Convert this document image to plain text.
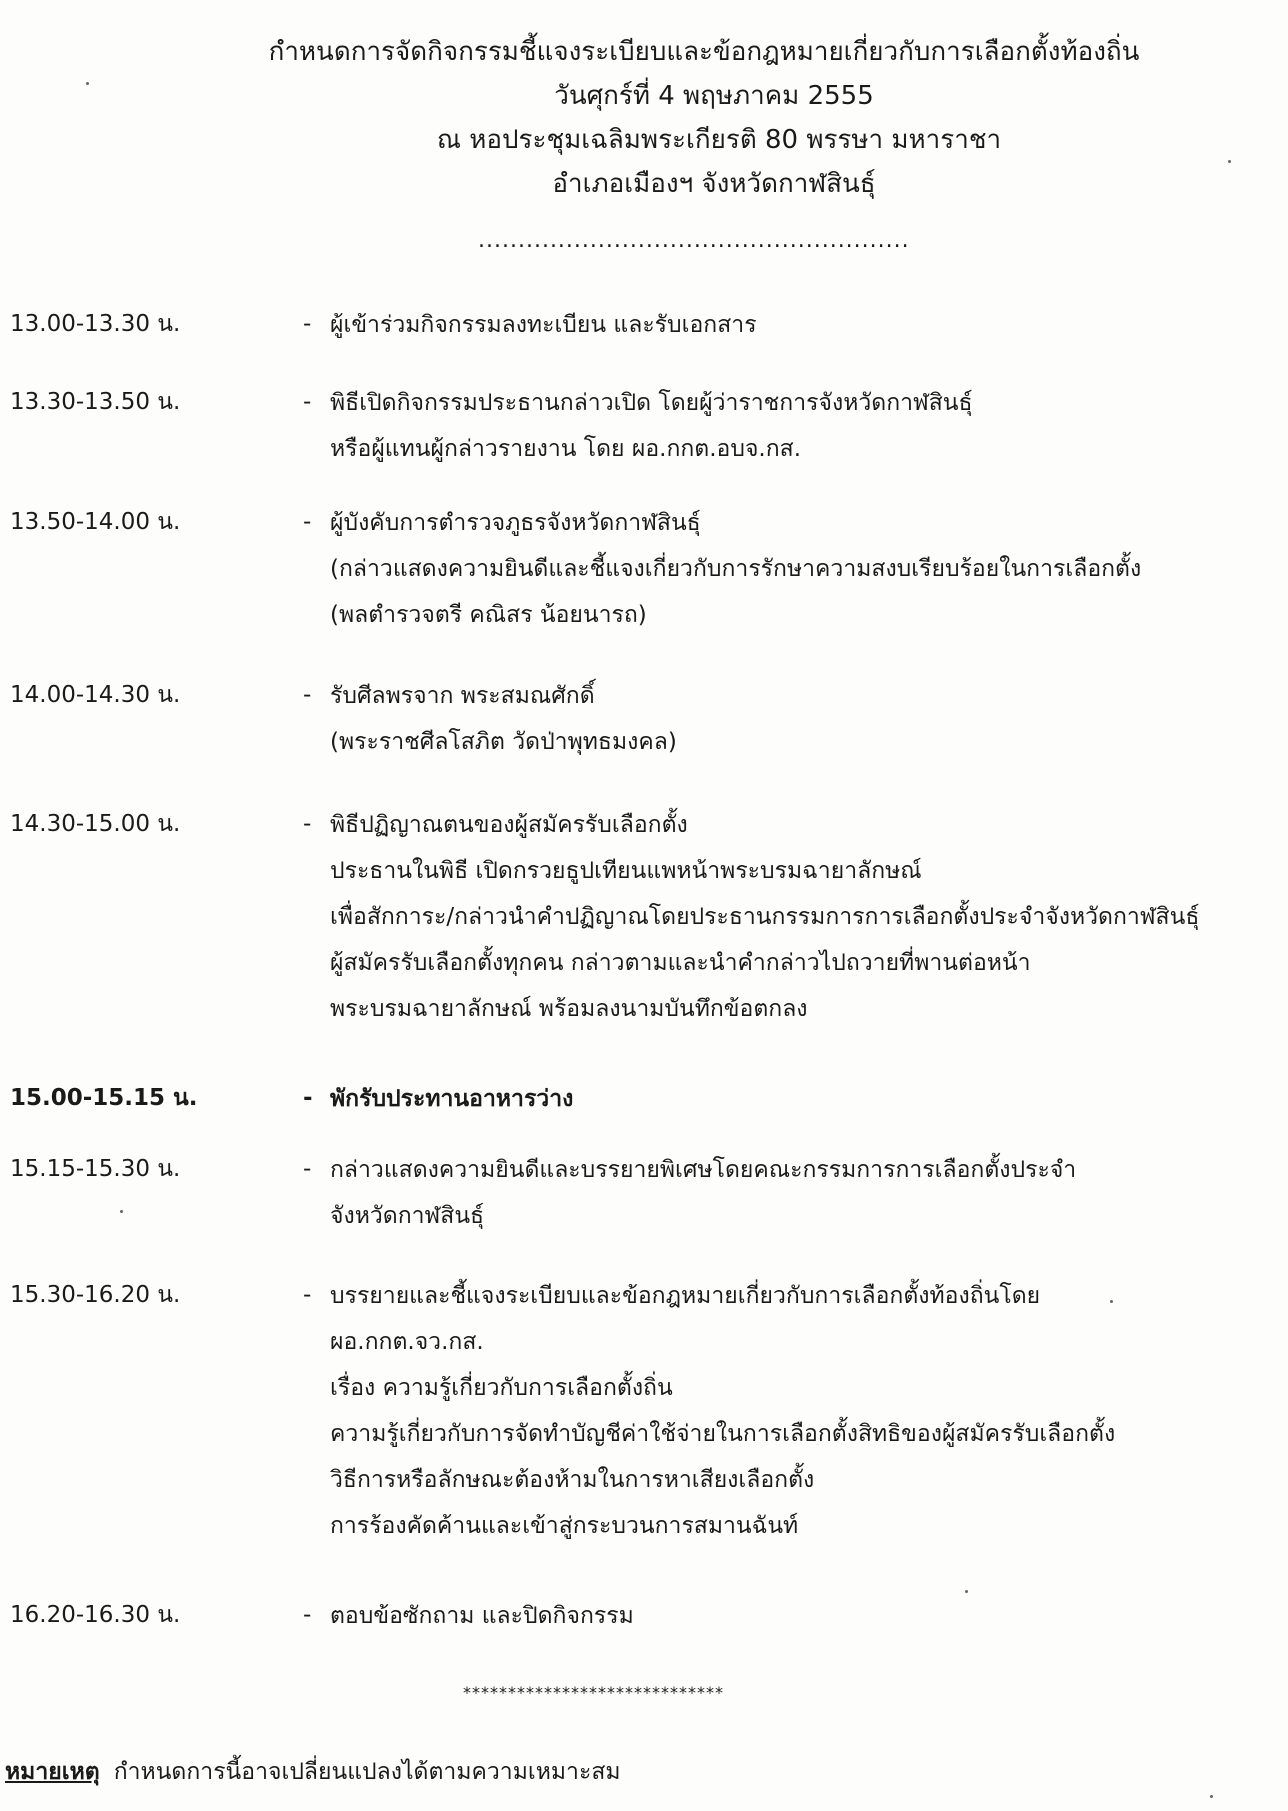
กำหนดการจัดกิจกรรมชี้แจงระเบียบและข้อกฎหมายเกี่ยวกับการเลือกตั้งท้องถิ่น
วันศุกร์ที่ 4 พฤษภาคม 2555
ณ หอประชุมเฉลิมพระเกียรติ 80 พรรษา มหาราชา
อำเภอเมืองฯ จังหวัดกาฬสินธุ์
......................................................
13.00-13.30 น.	- ผู้เข้าร่วมกิจกรรมลงทะเบียน และรับเอกสาร
13.30-13.50 น.	- พิธีเปิดกิจกรรมประธานกล่าวเปิด โดยผู้ว่าราชการจังหวัดกาฬสินธุ์
หรือผู้แทนผู้กล่าวรายงาน โดย ผอ.กกต.อบจ.กส.
13.50-14.00 น.	- ผู้บังคับการตำรวจภูธรจังหวัดกาฬสินธุ์
(กล่าวแสดงความยินดีและชี้แจงเกี่ยวกับการรักษาความสงบเรียบร้อยในการเลือกตั้ง
(พลตำรวจตรี คณิสร น้อยนารถ)
14.00-14.30 น.	- รับศีลพรจาก พระสมณศักดิ์
(พระราชศีลโสภิต วัดป่าพุทธมงคล)
14.30-15.00 น.	- พิธีปฏิญาณตนของผู้สมัครรับเลือกตั้ง
ประธานในพิธี เปิดกรวยธูปเทียนแพหน้าพระบรมฉายาลักษณ์
เพื่อสักการะ/กล่าวนำคำปฏิญาณโดยประธานกรรมการการเลือกตั้งประจำจังหวัดกาฬสินธุ์
ผู้สมัครรับเลือกตั้งทุกคน กล่าวตามและนำคำกล่าวไปถวายที่พานต่อหน้า
พระบรมฉายาลักษณ์ พร้อมลงนามบันทึกข้อตกลง
15.00-15.15 น.	- พักรับประทานอาหารว่าง
15.15-15.30 น.	- กล่าวแสดงความยินดีและบรรยายพิเศษโดยคณะกรรมการการเลือกตั้งประจำ
จังหวัดกาฬสินธุ์
15.30-16.20 น.	- บรรยายและชี้แจงระเบียบและข้อกฎหมายเกี่ยวกับการเลือกตั้งท้องถิ่นโดย
ผอ.กกต.จว.กส.
เรื่อง ความรู้เกี่ยวกับการเลือกตั้งถิ่น
ความรู้เกี่ยวกับการจัดทำบัญชีค่าใช้จ่ายในการเลือกตั้งสิทธิของผู้สมัครรับเลือกตั้ง
วิธีการหรือลักษณะต้องห้ามในการหาเสียงเลือกตั้ง
การร้องคัดค้านและเข้าสู่กระบวนการสมานฉันท์
16.20-16.30 น.	- ตอบข้อซักถาม และปิดกิจกรรม
*****************************
หมายเหตุ กำหนดการนี้อาจเปลี่ยนแปลงได้ตามความเหมาะสม
